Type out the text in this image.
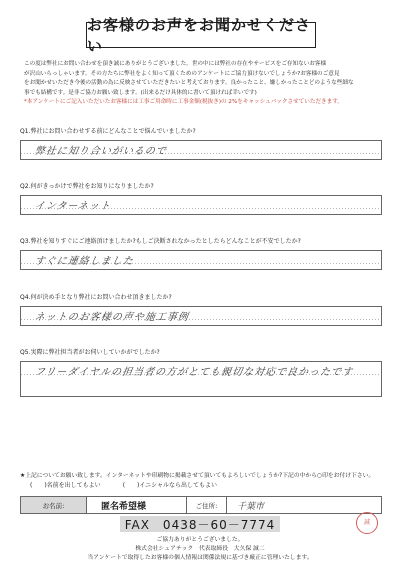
お客様のお声をお聞かせください
この度は弊社にお問い合わせを頂き誠にありがとうございました。世の中には弊社の存在やサービスをご存知ないお客様
が沢山いらっしゃいます。その方たちに弊社をよく知って頂くためのアンケートにご協力頂けないでしょうか?お客様のご意見
をお聞かせいただき今後の活動の為に反映させていただきたいと考えております。良かったこと、嫌しかったことどのような些細な
事でも結構です。是非ご協力お願い致します。(出来るだけ具体的に書いて頂ければ幸いです)
*本アンケートにご記入いただいたお客様には工事ご用命時に工事金額(税抜き)の 2%をキャッシュバックさせていただきます。
Q1.弊社にお問い合わせする前にどんなことで悩んでいましたか?
弊社に知り合いがいるので
Q2.何がきっかけで弊社をお知りになりましたか?
インターネット
Q3.弊社を知りすぐにご連絡頂けましたか?もしご決断されなかったとしたらどんなことが不安でしたか?
すぐに連絡しました
Q4.何が決め手となり弊社にお問い合わせ頂きましたか?
ネットのお客様の声や施工事例
Q5.実際に弊社担当者がお伺いしていかがでしたか?
フリーダイヤルの担当者の方がとても親切な対応で良かったです
★上記についてお願い致します。インターネットや印刷物に掲載させて頂いてもよろしいでしょうか?下記の中から○印をお付け下さい。
(　　)名前を出してもよい	(　　)イニシャルなら出してもよい
お名前:	匿名希望様	ご住所:	千葉市
FAX　0438－60－7774
ご協力ありがとうございました。
株式会社シェアテック　代表取締役　大久保 誠二
当アンケートで取得したお客様の個人情報は関係法規に基づき厳正に管理いたします。
誠
